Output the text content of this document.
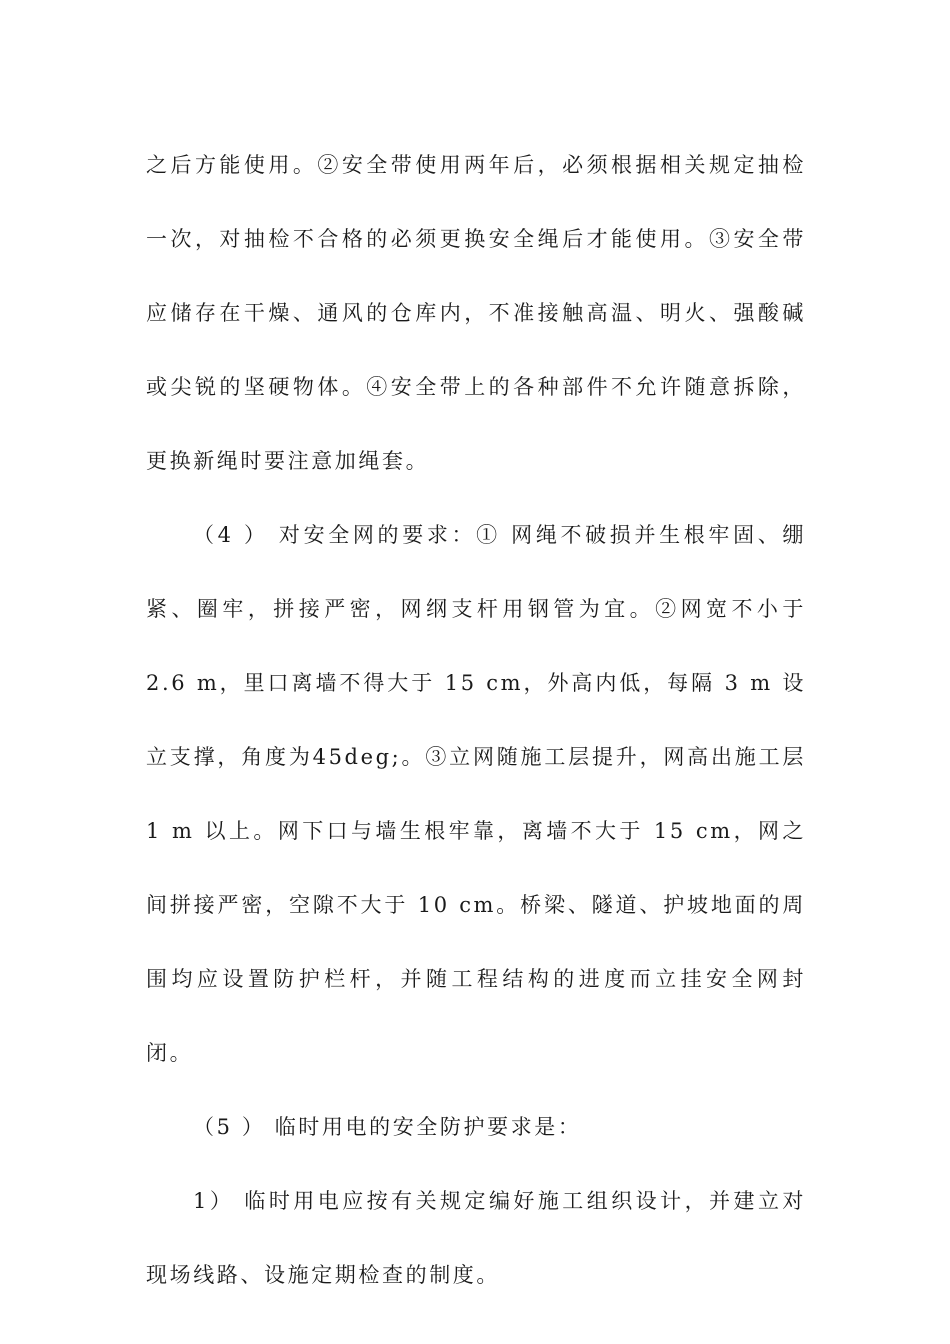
之后方能使用。②安全带使用两年后，必须根据相关规定抽检一次，对抽检不合格的必须更换安全绳后才能使用。③安全带应储存在干燥、通风的仓库内，不准接触高温、明火、强酸碱或尖锐的坚硬物体。④安全带上的各种部件不允许随意拆除，更换新绳时要注意加绳套。

（4 ） 对安全网的要求：① 网绳不破损并生根牢固、绷紧、圈牢，拼接严密，网纲支杆用钢管为宜。②网宽不小于 2.6 m，里口离墙不得大于 15 cm，外高内低，每隔 3 m 设立支撑，角度为45deg;。③立网随施工层提升，网高出施工层 1 m 以上。网下口与墙生根牢靠，离墙不大于 15 cm，网之间拼接严密，空隙不大于 10 cm。桥梁、隧道、护坡地面的周围均应设置防护栏杆，并随工程结构的进度而立挂安全网封闭。

（5 ） 临时用电的安全防护要求是：

1） 临时用电应按有关规定编好施工组织设计，并建立对现场线路、设施定期检查的制度。
